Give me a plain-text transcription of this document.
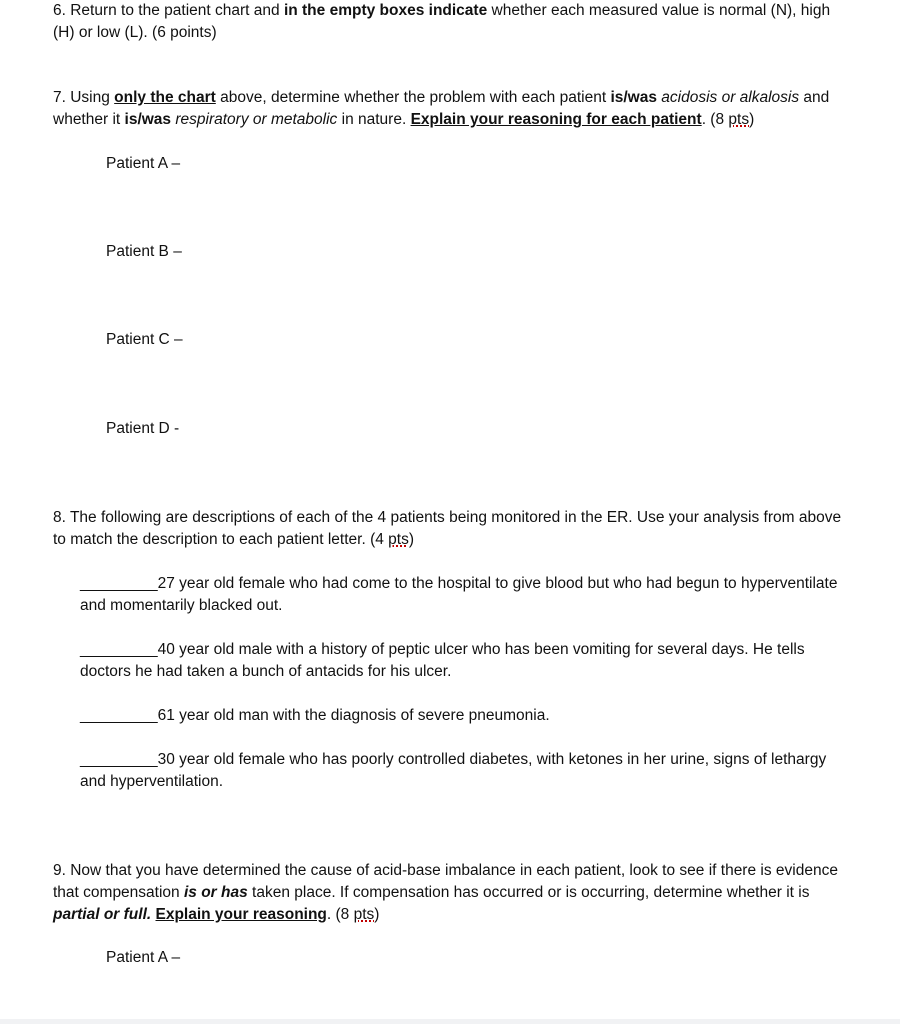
6. Return to the patient chart and in the empty boxes indicate whether each measured value is normal (N), high (H) or low (L). (6 points)
7. Using only the chart above, determine whether the problem with each patient is/was acidosis or alkalosis and whether it is/was respiratory or metabolic in nature. Explain your reasoning for each patient. (8 pts)
Patient A –
Patient B –
Patient C –
Patient D -
8. The following are descriptions of each of the 4 patients being monitored in the ER. Use your analysis from above to match the description to each patient letter. (4 pts)
_________27 year old female who had come to the hospital to give blood but who had begun to hyperventilate and momentarily blacked out.
_________40 year old male with a history of peptic ulcer who has been vomiting for several days. He tells doctors he had taken a bunch of antacids for his ulcer.
_________61 year old man with the diagnosis of severe pneumonia.
_________30 year old female who has poorly controlled diabetes, with ketones in her urine, signs of lethargy and hyperventilation.
9. Now that you have determined the cause of acid-base imbalance in each patient, look to see if there is evidence that compensation is or has taken place. If compensation has occurred or is occurring, determine whether it is partial or full. Explain your reasoning. (8 pts)
Patient A –
